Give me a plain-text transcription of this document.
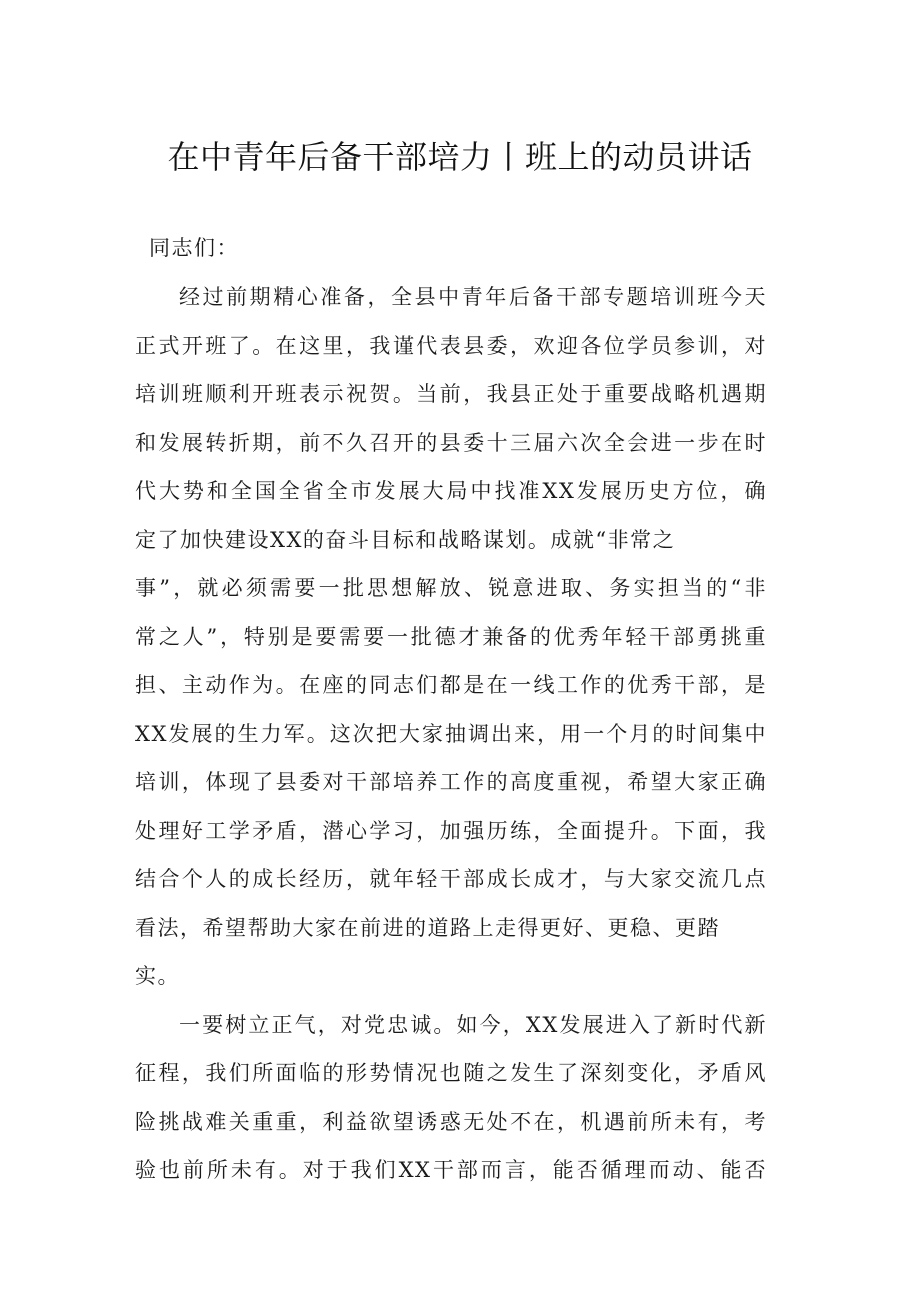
在中青年后备干部培力丨班上的动员讲话
同志们：
经过前期精心准备，全县中青年后备干部专题培训班今天
正式开班了。在这里，我谨代表县委，欢迎各位学员参训，对
培训班顺利开班表示祝贺。当前，我县正处于重要战略机遇期
和发展转折期，前不久召开的县委十三届六次全会进一步在时
代大势和全国全省全市发展大局中找准XX发展历史方位，确
定了加快建设XX的奋斗目标和战略谋划。成就“非常之
事”，就必须需要一批思想解放、锐意进取、务实担当的“非
常之人”，特别是要需要一批德才兼备的优秀年轻干部勇挑重
担、主动作为。在座的同志们都是在一线工作的优秀干部，是
XX发展的生力军。这次把大家抽调出来，用一个月的时间集中
培训，体现了县委对干部培养工作的高度重视，希望大家正确
处理好工学矛盾，潜心学习，加强历练，全面提升。下面，我
结合个人的成长经历，就年轻干部成长成才，与大家交流几点
看法，希望帮助大家在前进的道路上走得更好、更稳、更踏
实。
一要树立正气，对党忠诚。如今，XX发展进入了新时代新
征程，我们所面临的形势情况也随之发生了深刻变化，矛盾风
险挑战难关重重，利益欲望诱惑无处不在，机遇前所未有，考
验也前所未有。对于我们XX干部而言，能否循理而动、能否
